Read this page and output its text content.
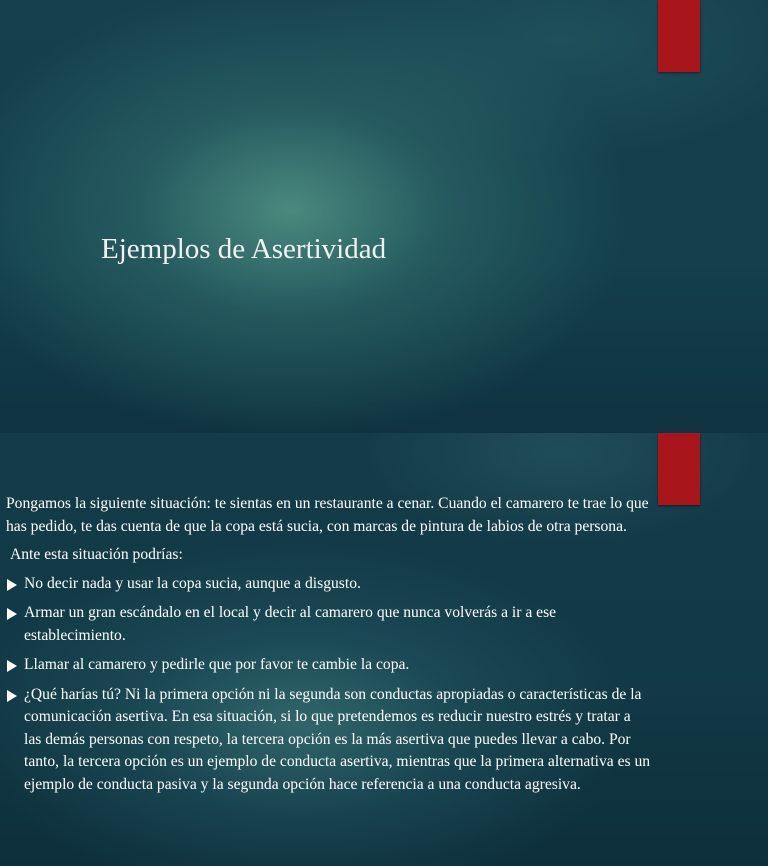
Ejemplos de Asertividad

Pongamos la siguiente situación: te sientas en un restaurante a cenar. Cuando el camarero te trae lo que has pedido, te das cuenta de que la copa está sucia, con marcas de pintura de labios de otra persona.

Ante esta situación podrías:

No decir nada y usar la copa sucia, aunque a disgusto.
Armar un gran escándalo en el local y decir al camarero que nunca volverás a ir a ese establecimiento.
Llamar al camarero y pedirle que por favor te cambie la copa.
¿Qué harías tú? Ni la primera opción ni la segunda son conductas apropiadas o características de la comunicación asertiva. En esa situación, si lo que pretendemos es reducir nuestro estrés y tratar a las demás personas con respeto, la tercera opción es la más asertiva que puedes llevar a cabo. Por tanto, la tercera opción es un ejemplo de conducta asertiva, mientras que la primera alternativa es un ejemplo de conducta pasiva y la segunda opción hace referencia a una conducta agresiva.
